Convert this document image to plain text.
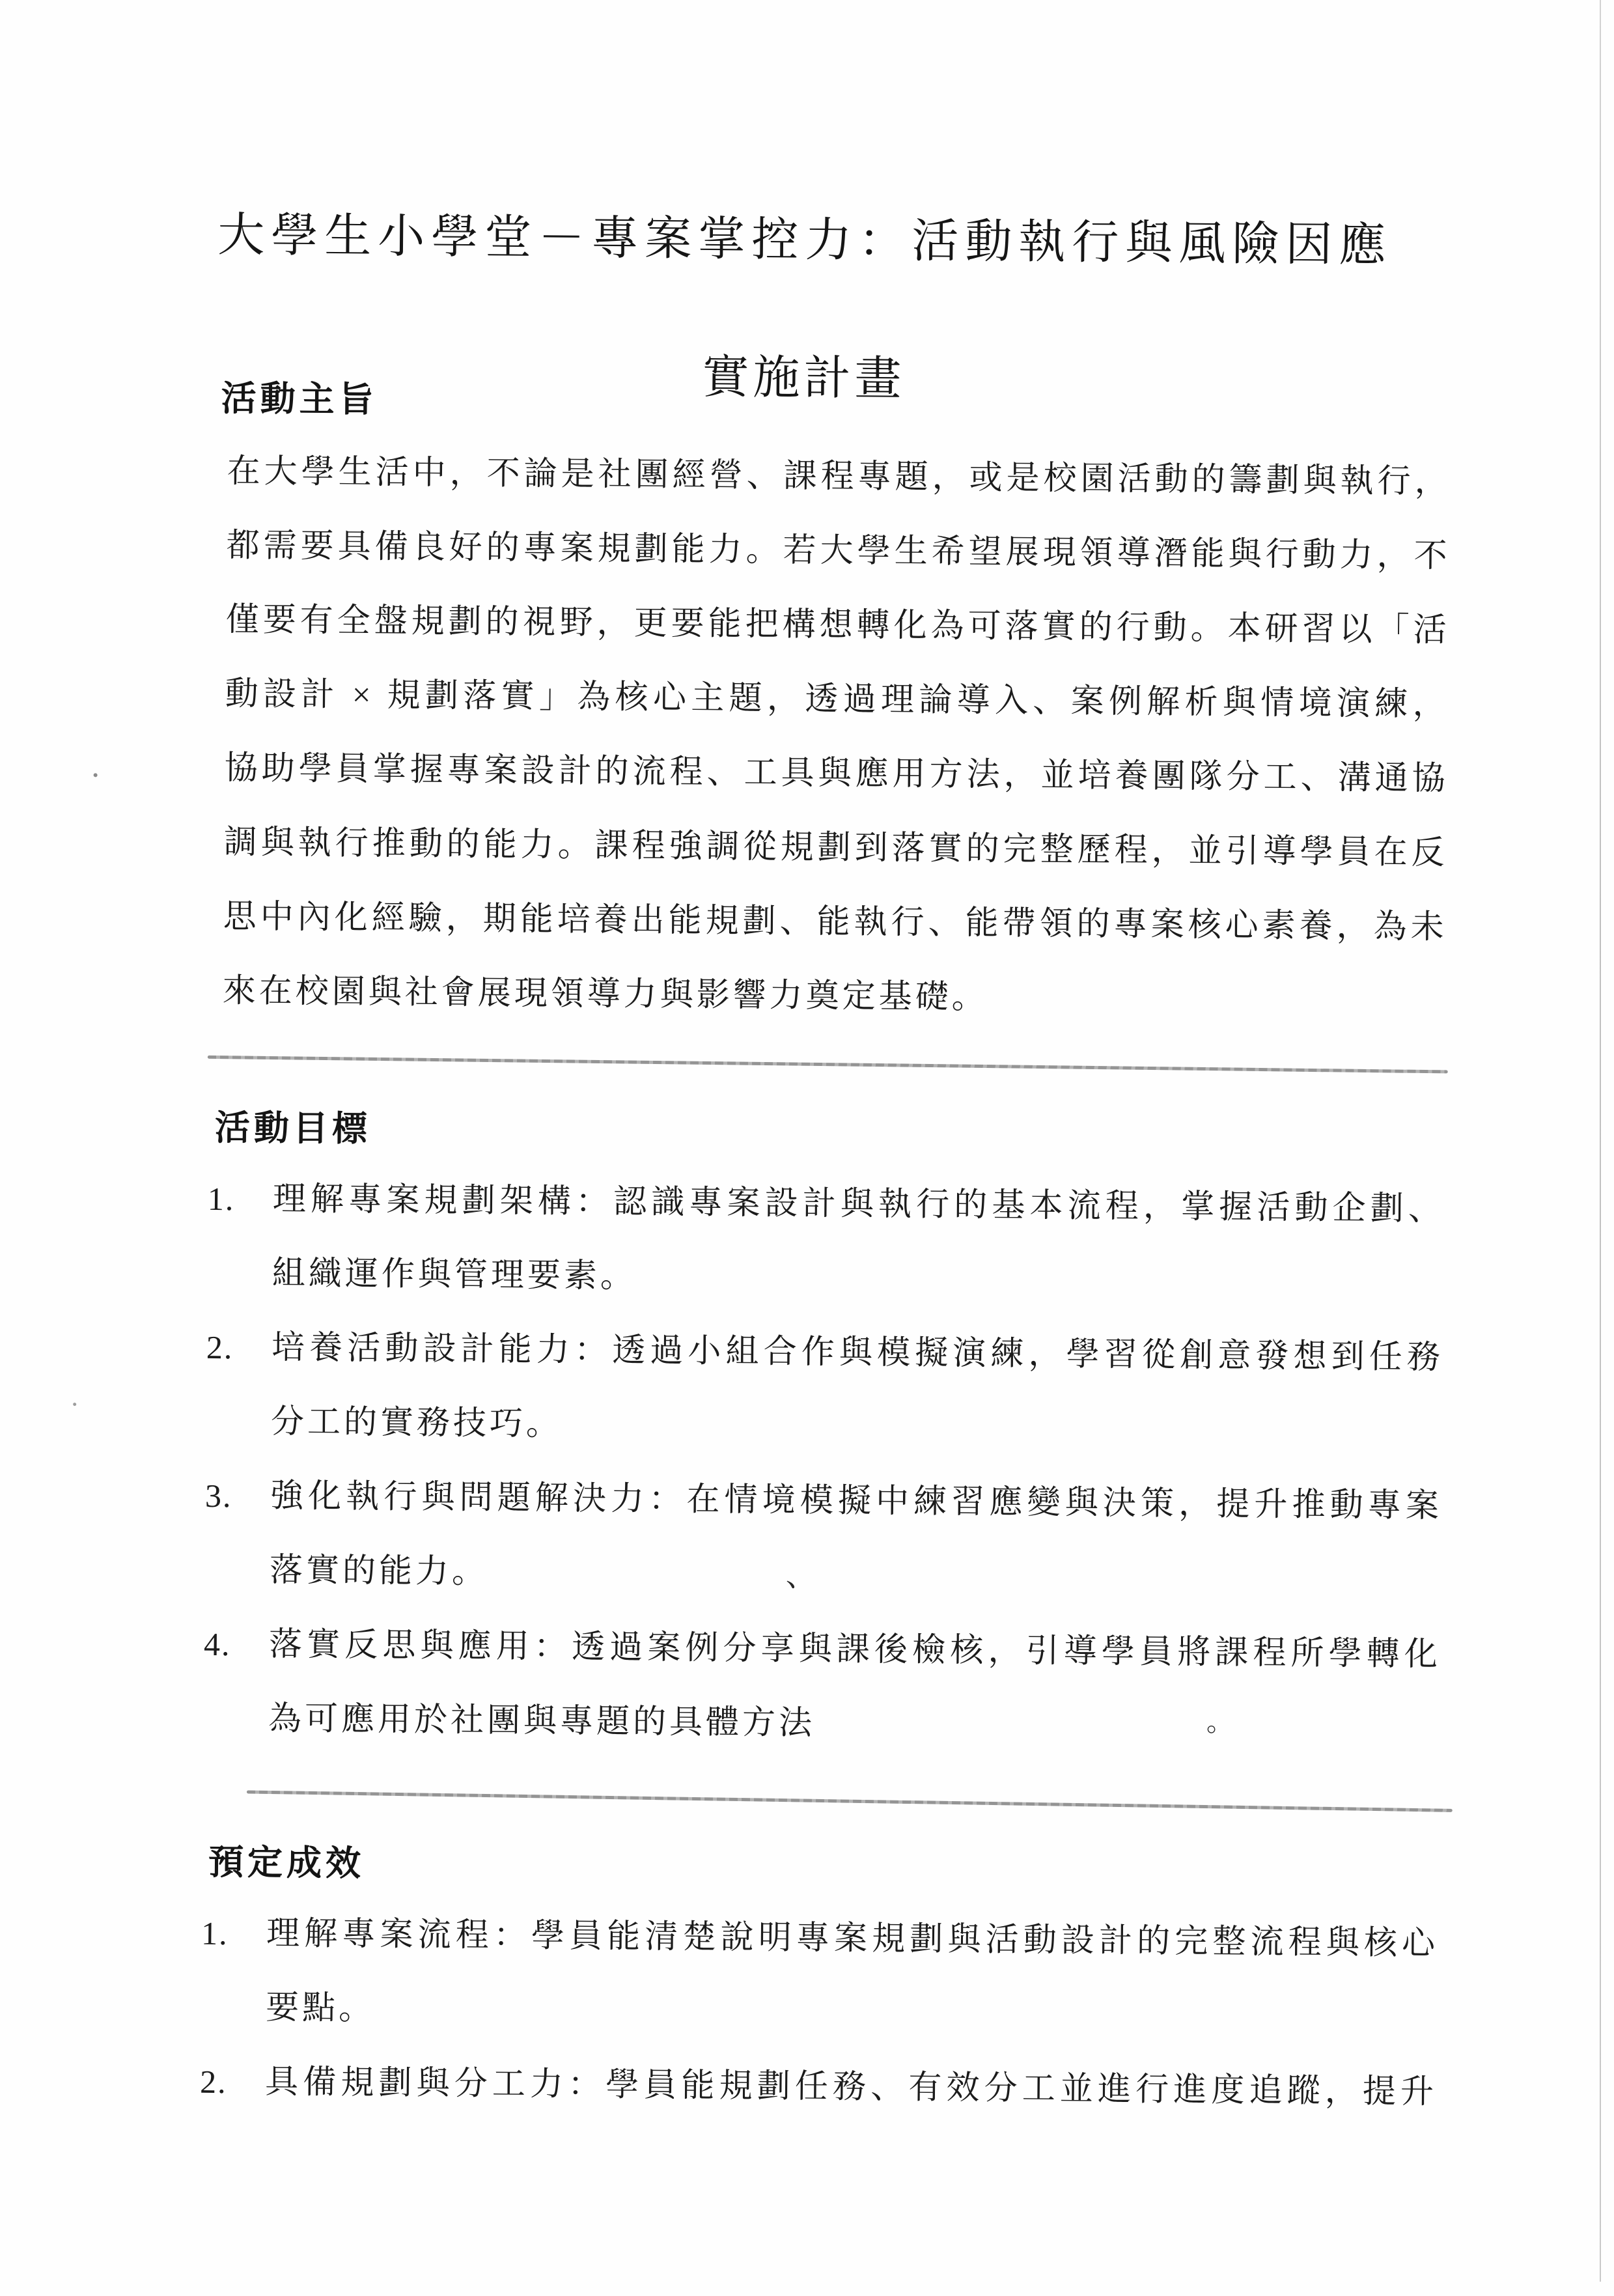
大學生小學堂－專案掌控力：活動執行與風險因應
實施計畫
活動主旨
在大學生活中，不論是社團經營、課程專題，或是校園活動的籌劃與執行，
都需要具備良好的專案規劃能力。若大學生希望展現領導潛能與行動力，不
僅要有全盤規劃的視野，更要能把構想轉化為可落實的行動。本研習以「活
動設計 × 規劃落實」為核心主題，透過理論導入、案例解析與情境演練，
協助學員掌握專案設計的流程、工具與應用方法，並培養團隊分工、溝通協
調與執行推動的能力。課程強調從規劃到落實的完整歷程，並引導學員在反
思中內化經驗，期能培養出能規劃、能執行、能帶領的專案核心素養，為未
來在校園與社會展現領導力與影響力奠定基礎。
活動目標
1.	理解專案規劃架構：認識專案設計與執行的基本流程，掌握活動企劃、
組織運作與管理要素。
2.	培養活動設計能力：透過小組合作與模擬演練，學習從創意發想到任務
分工的實務技巧。
3.	強化執行與問題解決力：在情境模擬中練習應變與決策，提升推動專案
落實的能力。
4.	落實反思與應用：透過案例分享與課後檢核，引導學員將課程所學轉化
為可應用於社團與專題的具體方法
預定成效
1.	理解專案流程：學員能清楚說明專案規劃與活動設計的完整流程與核心
要點。
2.	具備規劃與分工力：學員能規劃任務、有效分工並進行進度追蹤，提升
、
。
